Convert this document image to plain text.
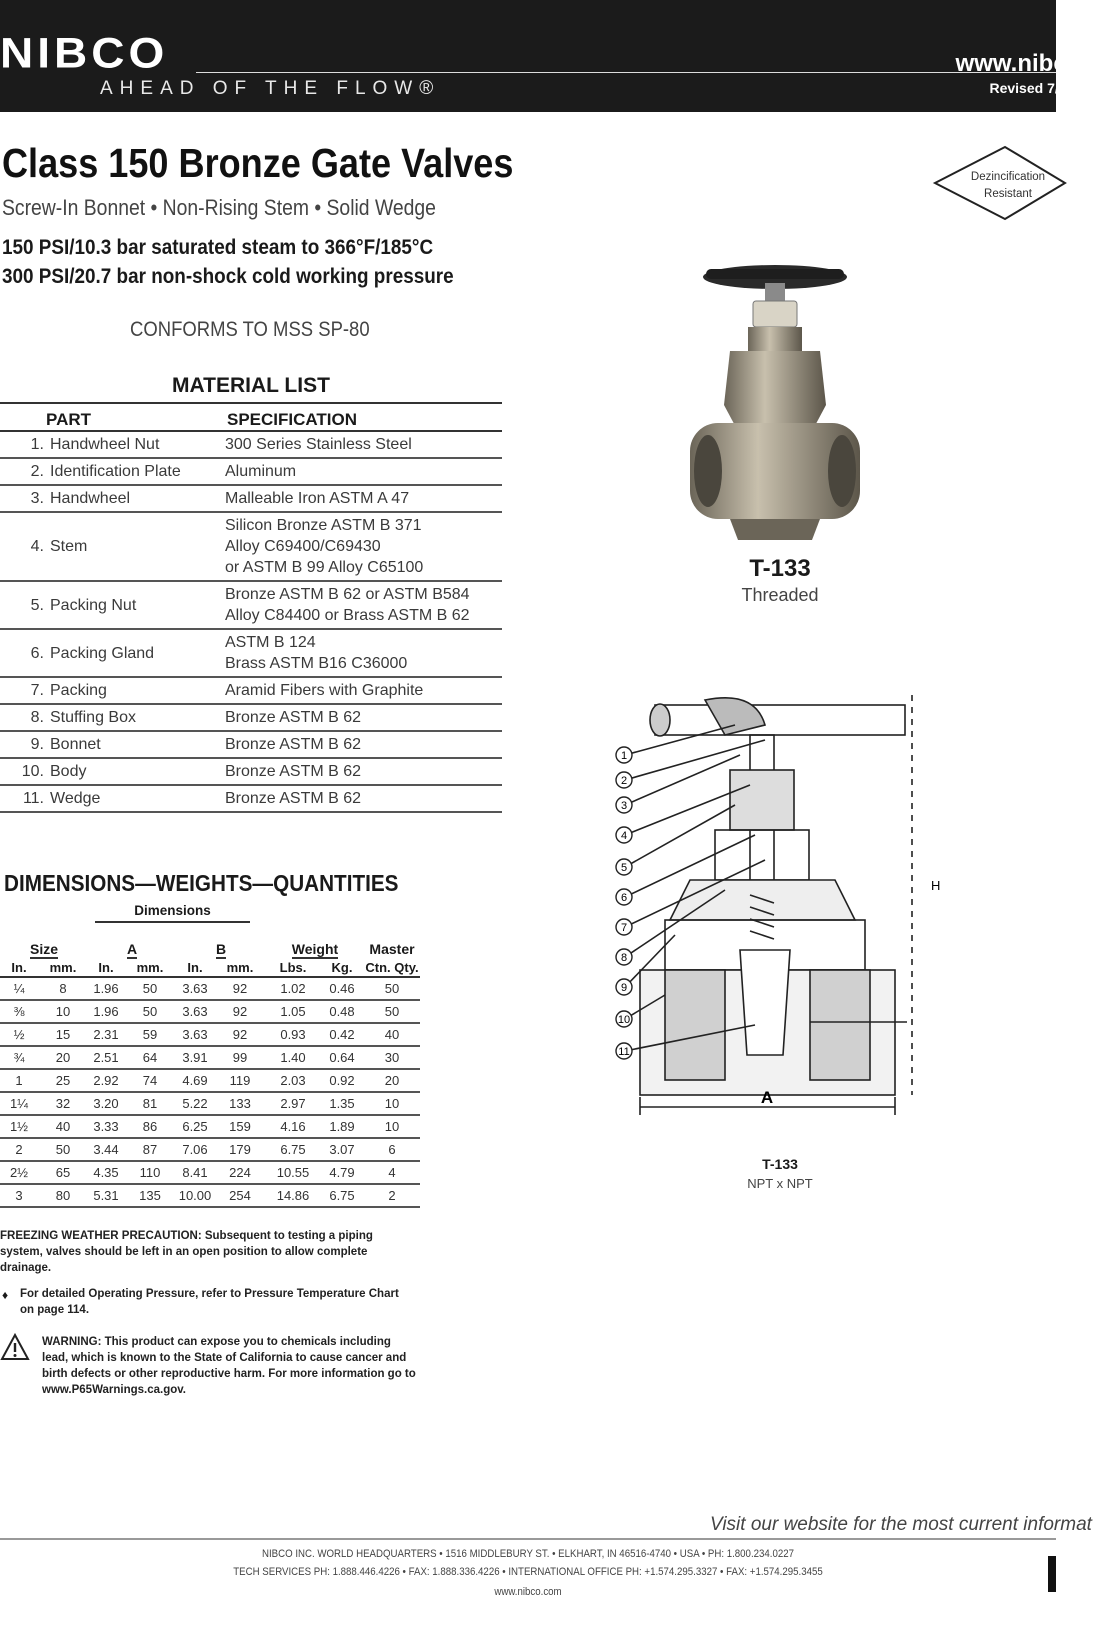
NIBCO
AHEAD OF THE FLOW®
www.nibco.co
Revised 7/20/2
Class 150 Bronze Gate Valves
Screw-In Bonnet • Non-Rising Stem • Solid Wedge
150 PSI/10.3 bar saturated steam to 366°F/185°C
300 PSI/20.7 bar non-shock cold working pressure
CONFORMS TO MSS SP-80
Dezincification
Resistant
MATERIAL LIST
PART		SPECIFICATION
1.	Handwheel Nut	300 Series Stainless Steel

2.	Identification Plate	Aluminum

3.	Handwheel	Malleable Iron ASTM A 47

4.	Stem	Silicon Bronze ASTM B 371
Alloy C69400/C69430
or ASTM B 99 Alloy C65100

5.	Packing Nut	Bronze ASTM B 62 or ASTM B584
Alloy C84400 or Brass ASTM B 62

6.	Packing Gland	ASTM B 124
Brass ASTM B16 C36000

7.	Packing	Aramid Fibers with Graphite

8.	Stuffing Box	Bronze ASTM B 62

9.	Bonnet	Bronze ASTM B 62

10.	Body	Bronze ASTM B 62

11.	Wedge	Bronze ASTM B 62
DIMENSIONS—WEIGHTS—QUANTITIES
Dimensions
Size		A		B		Weight		Master
In.	mm.	In.	mm.	In.	mm.	Lbs.	Kg.	Ctn. Qty.
¼	8	1.96	50	3.63	92	1.02	0.46	50
⅜	10	1.96	50	3.63	92	1.05	0.48	50
½	15	2.31	59	3.63	92	0.93	0.42	40
¾	20	2.51	64	3.91	99	1.40	0.64	30
1	25	2.92	74	4.69	119	2.03	0.92	20
1¼	32	3.20	81	5.22	133	2.97	1.35	10
1½	40	3.33	86	6.25	159	4.16	1.89	10
2	50	3.44	87	7.06	179	6.75	3.07	6
2½	65	4.35	110	8.41	224	10.55	4.79	4
3	80	5.31	135	10.00	254	14.86	6.75	2
FREEZING WEATHER PRECAUTION: Subsequent to testing a piping system, valves should be left in an open position to allow complete drainage.
♦ For detailed Operating Pressure, refer to Pressure Temperature Chart on page 114.
WARNING: This product can expose you to chemicals including lead, which is known to the State of California to cause cancer and birth defects or other reproductive harm. For more information go to www.P65Warnings.ca.gov.
T-133
Threaded
1
2
3
4
5
6
7
8
9
10
11
H
A
T-133
NPT x NPT
Visit our website for the most current informat
NIBCO INC. WORLD HEADQUARTERS • 1516 MIDDLEBURY ST. • ELKHART, IN 46516-4740 • USA • PH: 1.800.234.0227
TECH SERVICES PH: 1.888.446.4226 • FAX: 1.888.336.4226 • INTERNATIONAL OFFICE PH: +1.574.295.3327 • FAX: +1.574.295.3455
www.nibco.com
